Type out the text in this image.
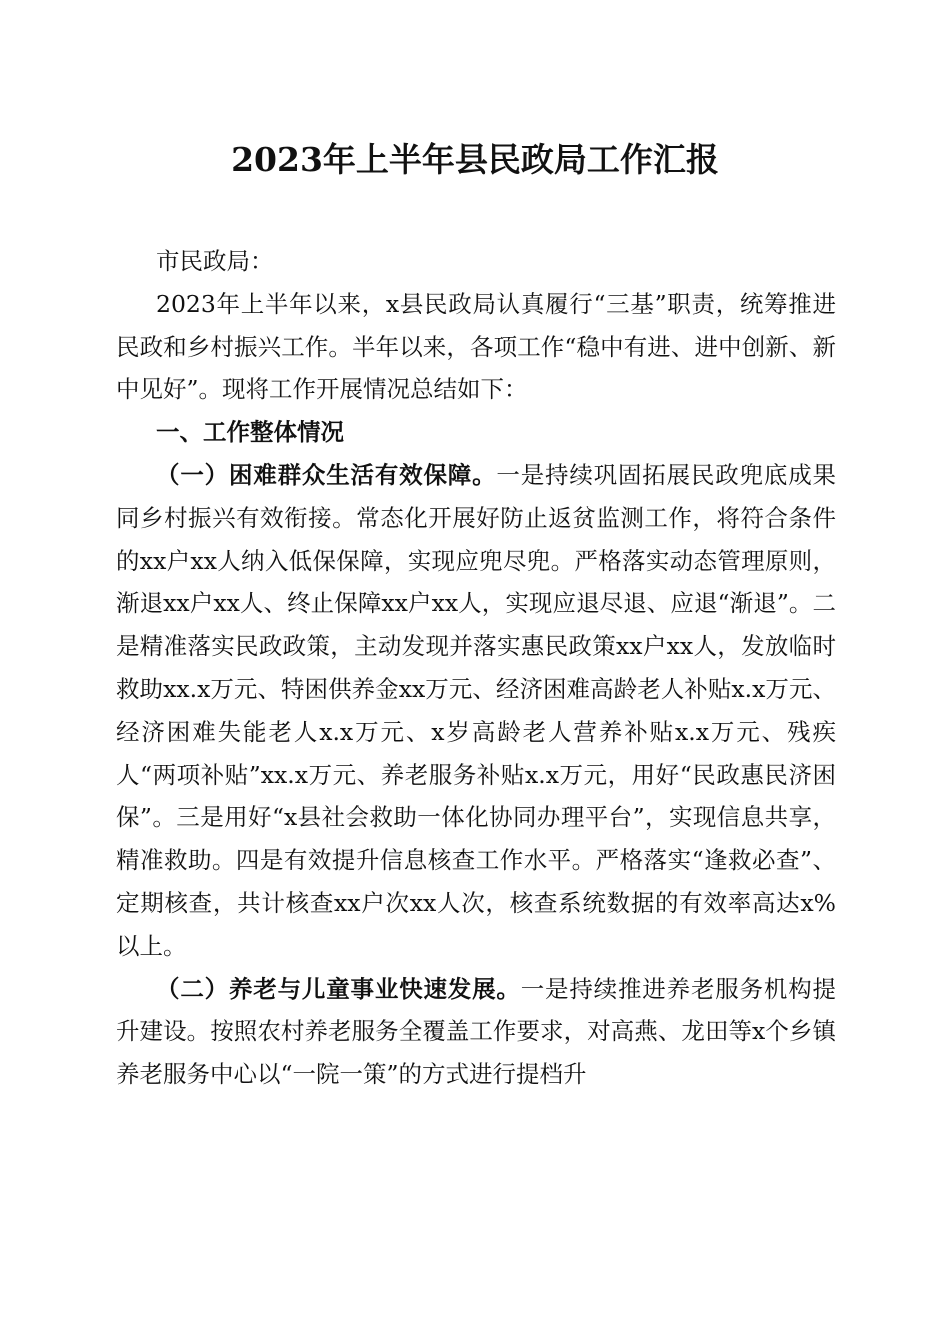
2023年上半年县民政局工作汇报

市民政局：

2023年上半年以来，x县民政局认真履行“三基”职责，统筹推进民政和乡村振兴工作。半年以来，各项工作“稳中有进、进中创新、新中见好”。现将工作开展情况总结如下：

一、工作整体情况

（一）困难群众生活有效保障。一是持续巩固拓展民政兜底成果同乡村振兴有效衔接。常态化开展好防止返贫监测工作，将符合条件的xx户xx人纳入低保保障，实现应兜尽兜。严格落实动态管理原则，渐退xx户xx人、终止保障xx户xx人，实现应退尽退、应退“渐退”。二是精准落实民政政策，主动发现并落实惠民政策xx户xx人，发放临时救助xx.x万元、特困供养金xx万元、经济困难高龄老人补贴x.x万元、经济困难失能老人x.x万元、x岁高龄老人营养补贴x.x万元、残疾人“两项补贴”xx.x万元、养老服务补贴x.x万元，用好“民政惠民济困保”。三是用好“x县社会救助一体化协同办理平台”，实现信息共享，精准救助。四是有效提升信息核查工作水平。严格落实“逢救必查”、定期核查，共计核查xx户次xx人次，核查系统数据的有效率高达x%以上。

（二）养老与儿童事业快速发展。一是持续推进养老服务机构提升建设。按照农村养老服务全覆盖工作要求，对高燕、龙田等x个乡镇养老服务中心以“一院一策”的方式进行提档升
